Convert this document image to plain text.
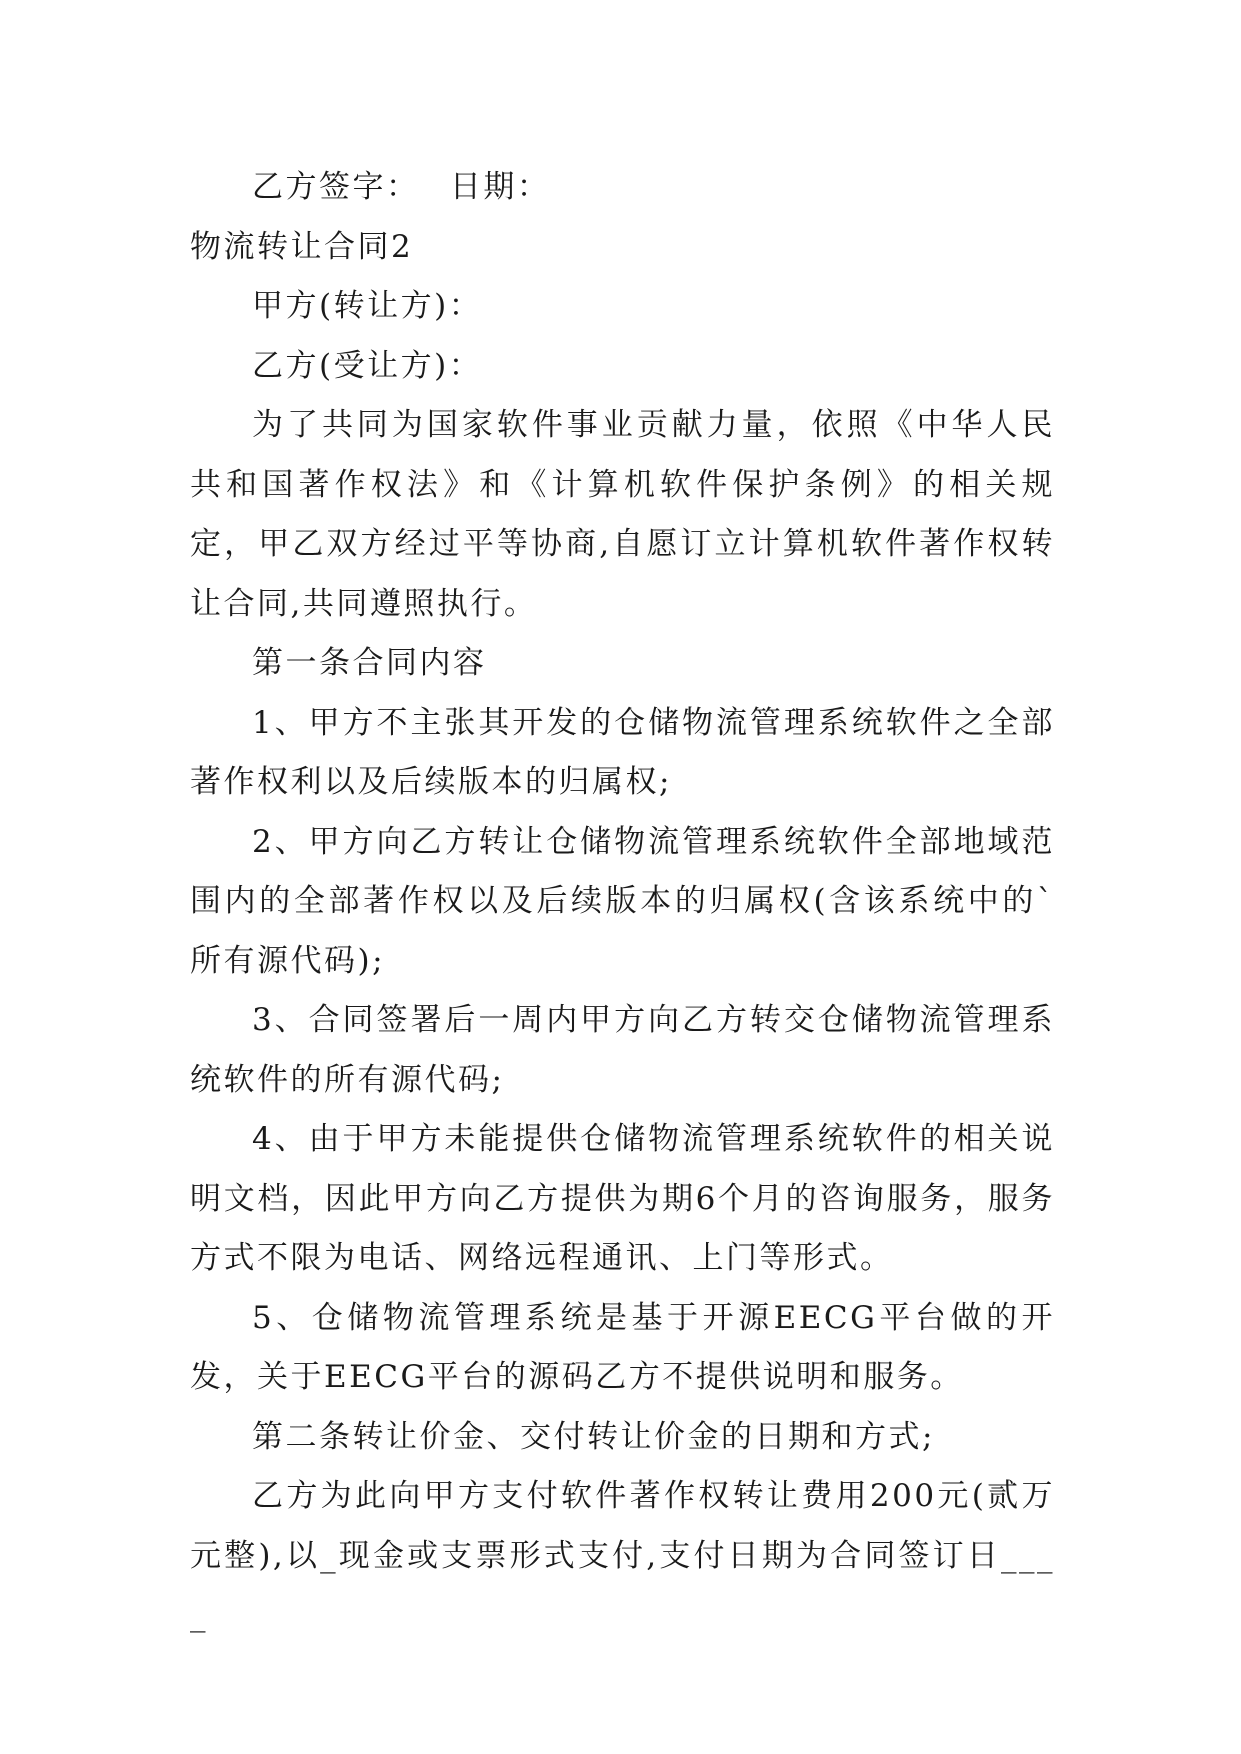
乙方签字：　 日期：

物流转让合同2

甲方(转让方)：

乙方(受让方)：

为了共同为国家软件事业贡献力量，依照《中华人民共和国著作权法》和《计算机软件保护条例》的相关规定，甲乙双方经过平等协商,自愿订立计算机软件著作权转让合同,共同遵照执行。

第一条合同内容

1、甲方不主张其开发的仓储物流管理系统软件之全部著作权利以及后续版本的归属权;

2、甲方向乙方转让仓储物流管理系统软件全部地域范围内的全部著作权以及后续版本的归属权(含该系统中的`所有源代码);

3、合同签署后一周内甲方向乙方转交仓储物流管理系统软件的所有源代码;

4、由于甲方未能提供仓储物流管理系统软件的相关说明文档，因此甲方向乙方提供为期6个月的咨询服务，服务方式不限为电话、网络远程通讯、上门等形式。

5、仓储物流管理系统是基于开源EECG平台做的开发，关于EECG平台的源码乙方不提供说明和服务。

第二条转让价金、交付转让价金的日期和方式;

乙方为此向甲方支付软件著作权转让费用200元(贰万元整),以_现金或支票形式支付,支付日期为合同签订日____
